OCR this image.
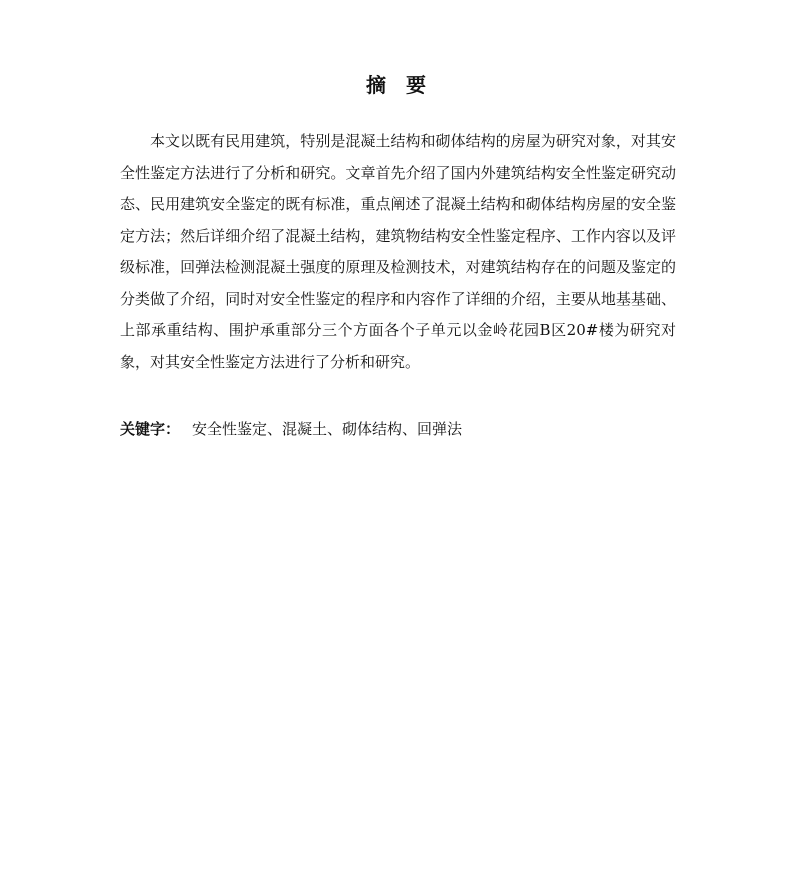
摘　要

本文以既有民用建筑，特别是混凝土结构和砌体结构的房屋为研究对象，对其安全性鉴定方法进行了分析和研究。文章首先介绍了国内外建筑结构安全性鉴定研究动态、民用建筑安全鉴定的既有标准，重点阐述了混凝土结构和砌体结构房屋的安全鉴定方法；然后详细介绍了混凝土结构，建筑物结构安全性鉴定程序、工作内容以及评级标准，回弹法检测混凝土强度的原理及检测技术，对建筑结构存在的问题及鉴定的分类做了介绍，同时对安全性鉴定的程序和内容作了详细的介绍，主要从地基基础、上部承重结构、围护承重部分三个方面各个子单元以金岭花园B区20#楼为研究对象，对其安全性鉴定方法进行了分析和研究。

关键字： 安全性鉴定、混凝土、砌体结构、回弹法
